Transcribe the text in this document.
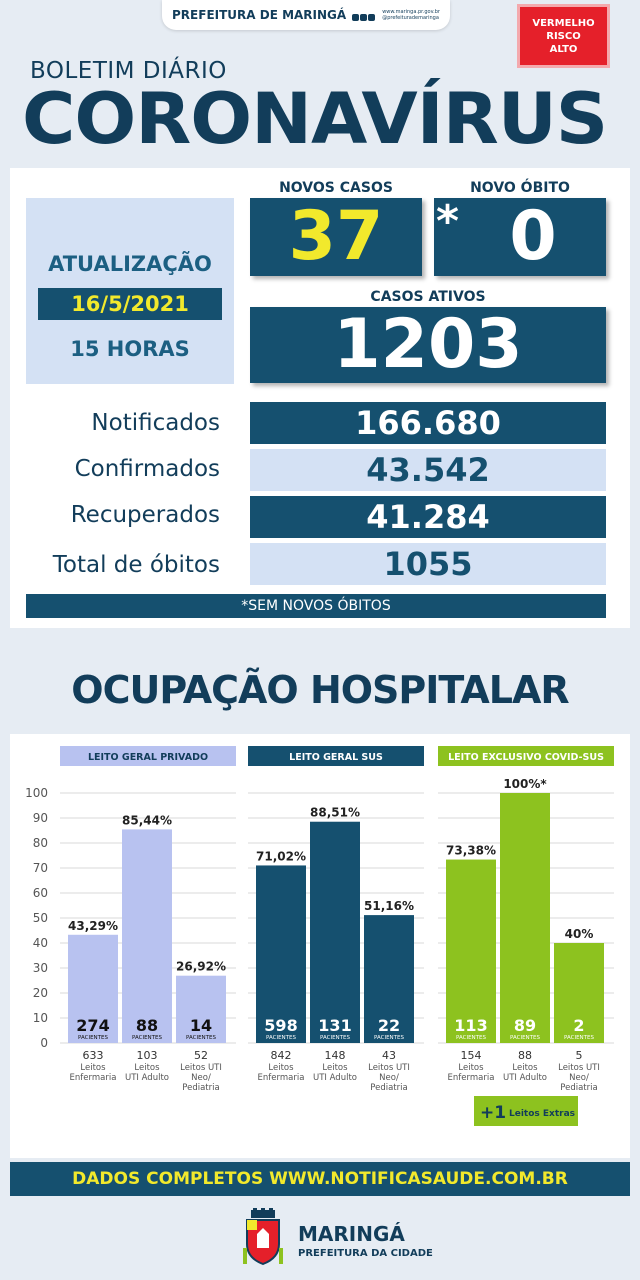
PREFEITURA DE MARINGÁ	www.maringa.pr.gov.br
@prefeiturademaringa	VERMELHO
RISCO
ALTO
BOLETIM DIÁRIO
CORONAVÍRUS
ATUALIZAÇÃO
16/5/2021
15 HORAS
NOVOS CASOS	NOVO ÓBITO
37	* 0
CASOS ATIVOS
1203
Notificados	166.680
Confirmados	43.542
Recuperados	41.284
Total de óbitos	1055
*SEM NOVOS ÓBITOS
OCUPAÇÃO HOSPITALAR
0
10
20
30
40
50
60
70
80
90
100
LEITO GERAL PRIVADO
43,29%
274
PACIENTES
633
Leitos
Enfermaria
85,44%
88
PACIENTES
103
Leitos
UTI Adulto
26,92%
14
PACIENTES
52
Leitos UTI
Neo/
Pediatria
LEITO GERAL SUS
71,02%
598
PACIENTES
842
Leitos
Enfermaria
88,51%
131
PACIENTES
148
Leitos
UTI Adulto
51,16%
22
PACIENTES
43
Leitos UTI
Neo/
Pediatria
LEITO EXCLUSIVO COVID-SUS
73,38%
113
PACIENTES
154
Leitos
Enfermaria
100%*
89
PACIENTES
88
Leitos
UTI Adulto
40%
2
PACIENTES
5
Leitos UTI
Neo/
Pediatria
+1 Leitos Extras
DADOS COMPLETOS WWW.NOTIFICASAUDE.COM.BR
MARINGÁ
PREFEITURA DA CIDADE
